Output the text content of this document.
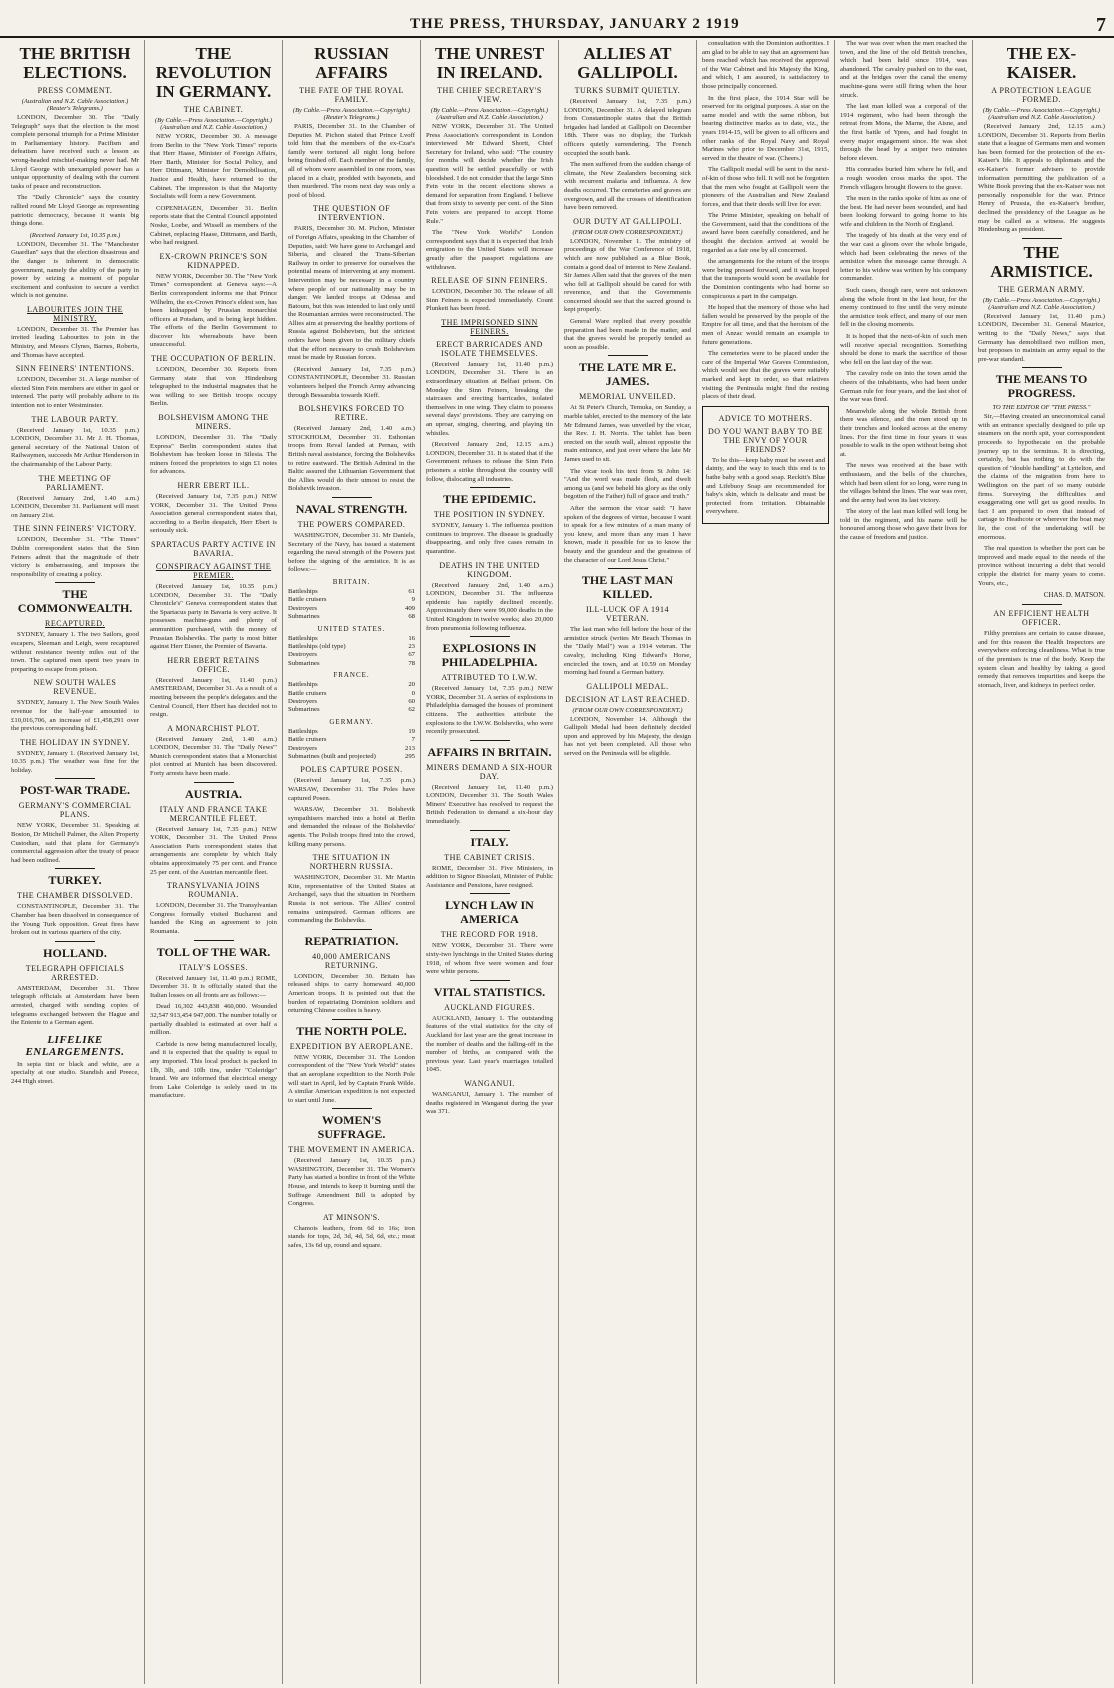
THE PRESS, THURSDAY, JANUARY 2 1919	7
THE BRITISH ELECTIONS.
PRESS COMMENT.
(Australian and N.Z. Cable Association.) (Reuter's Telegrams.)

LONDON, December 30. The "Daily Telegraph" says that the election is the most complete personal triumph for a Prime Minister in Parliamentary history. Pacifism and defeatism have received such a lesson as wrong-headed mischief-making never had. Mr Lloyd George with unexampled power has a unique opportunity of dealing with the current tasks of peace and reconstruction.

The "Daily Chronicle" says the country rallied round Mr Lloyd George as representing patriotic democracy, because it wants big things done.

(Received January 1st, 10.35 p.m.)

LONDON, December 31. The "Manchester Guardian" says that the election disastrous and the danger is inherent in democratic government, namely the ability of the party in power by seizing a moment of popular excitement and confusion to secure a verdict which is not genuine.

LABOURITES JOIN THE MINISTRY.

LONDON, December 31. The Premier has invited leading Labourites to join in the Ministry, and Messrs Clynes, Barnes, Roberts, and Thomas have accepted.

SINN FEINERS' INTENTIONS.

LONDON, December 31. A large number of elected Sinn Fein members are either in gaol or interned. The party will probably adhere to its intention not to enter Westminster.

THE LABOUR PARTY.

(Received January 1st, 10.35 p.m.) LONDON, December 31. Mr J. H. Thomas, general secretary of the National Union of Railwaymen, succeeds Mr Arthur Henderson in the chairmanship of the Labour Party.

THE MEETING OF PARLIAMENT.

(Received January 2nd, 1.40 a.m.) LONDON, December 31. Parliament will meet on January 21st.

THE SINN FEINERS' VICTORY.

LONDON, December 31. "The Times" Dublin correspondent states that the Sinn Feiners admit that the magnitude of their victory is embarrassing, and imposes the responsibility of creating a policy.

THE COMMONWEALTH.
RECAPTURED.

SYDNEY, January 1. The two Sailors, good escapers, Sleeman and Leigh, were recaptured without resistance twenty miles out of the town. The captured men spent two years in preparing to escape from prison.

NEW SOUTH WALES REVENUE.

SYDNEY, January 1. The New South Wales revenue for the half-year amounted to £10,016,706, an increase of £1,458,291 over the previous corresponding half.

THE HOLIDAY IN SYDNEY.

SYDNEY, January 1. (Received January 1st, 10.35 p.m.) The weather was fine for the holiday.

POST-WAR TRADE.
GERMANY'S COMMERCIAL PLANS.

NEW YORK, December 31. Speaking at Boston, Dr Mitchell Palmer, the Alien Property Custodian, said that plans for Germany's commercial aggression after the treaty of peace had been outlined.

TURKEY.
THE CHAMBER DISSOLVED.

CONSTANTINOPLE, December 31. The Chamber has been dissolved in consequence of the Young Turk opposition. Great fires have broken out in various quarters of the city.

HOLLAND.
TELEGRAPH OFFICIALS ARRESTED.

AMSTERDAM, December 31. Three telegraph officials at Amsterdam have been arrested, charged with sending copies of telegrams exchanged between the Hague and the Entente to a German agent.

LIFELIKE ENLARGEMENTS.

In sepia tint or black and white, are a specialty at our studio. Standish and Preece, 244 High street.

THE REVOLUTION IN GERMANY.
THE CABINET.
(By Cable.—Press Association.—Copyright.) (Australian and N.Z. Cable Association.)

NEW YORK, December 30. A message from Berlin to the "New York Times" reports that Herr Haase, Minister of Foreign Affairs, Herr Barth, Minister for Social Policy, and Herr Dittmann, Minister for Demobilisation, Justice and Health, have returned to the Cabinet. The impression is that the Majority Socialists will form a new Government.

COPENHAGEN, December 31. Berlin reports state that the Central Council appointed Noske, Loebe, and Wissell as members of the Cabinet, replacing Haase, Dittmann, and Barth, who had resigned.

EX-CROWN PRINCE'S SON KIDNAPPED.

NEW YORK, December 30. The "New York Times" correspondent at Geneva says:—A Berlin correspondent informs me that Prince Wilhelm, the ex-Crown Prince's eldest son, has been kidnapped by Prussian monarchist officers at Potsdam, and is being kept hidden. The efforts of the Berlin Government to discover his whereabouts have been unsuccessful.

THE OCCUPATION OF BERLIN.

LONDON, December 30. Reports from Germany state that von Hindenburg telegraphed to the industrial magnates that he was willing to see British troops occupy Berlin.

BOLSHEVISM AMONG THE MINERS.

LONDON, December 31. The "Daily Express" Berlin correspondent states that Bolshevism has broken loose in Silesia. The miners forced the proprietors to sign £1 notes for advances.

HERR EBERT ILL.

(Received January 1st, 7.35 p.m.) NEW YORK, December 31. The United Press Association general correspondent states that, according to a Berlin despatch, Herr Ebert is seriously sick.

SPARTACUS PARTY ACTIVE IN BAVARIA.
CONSPIRACY AGAINST THE PREMIER.

(Received January 1st, 10.35 p.m.) LONDON, December 31. The "Daily Chronicle's" Geneva correspondent states that the Spartacus party in Bavaria is very active. It possesses machine-guns and plenty of ammunition purchased, with the money of Prussian Bolsheviks. The party is most bitter against Herr Eisner, the Premier of Bavaria.

HERR EBERT RETAINS OFFICE.

(Received January 1st, 11.40 p.m.) AMSTERDAM, December 31. As a result of a meeting between the people's delegates and the Central Council, Herr Ebert has decided not to resign.

A MONARCHIST PLOT.

(Received January 2nd, 1.40 a.m.) LONDON, December 31. The "Daily News'" Munich correspondent states that a Monarchist plot centred at Munich has been discovered. Forty arrests have been made.

AUSTRIA.
ITALY AND FRANCE TAKE MERCANTILE FLEET.

(Received January 1st, 7.35 p.m.) NEW YORK, December 31. The United Press Association Paris correspondent states that arrangements are complete by which Italy obtains approximately 75 per cent. and France 25 per cent. of the Austrian mercantile fleet.

TRANSYLVANIA JOINS ROUMANIA.

LONDON, December 31. The Transylvanian Congress formally visited Bucharest and handed the King an agreement to join Roumania.

TOLL OF THE WAR.
ITALY'S LOSSES.

(Received January 1st, 11.40 p.m.) ROME, December 31. It is officially stated that the Italian losses on all fronts are as follows:—

Dead 16,302 443,838 460,000. Wounded 32,547 913,454 947,000. The number totally or partially disabled is estimated at over half a million.

Carbide is now being manufactured locally, and it is expected that the quality is equal to any imported. This local product is packed in 1lb, 3lb, and 10lb tins, under "Coleridge" brand. We are informed that electrical energy from Lake Coleridge is solely used in its manufacture.

RUSSIAN AFFAIRS
THE FATE OF THE ROYAL FAMILY.
(By Cable.—Press Association.—Copyright.) (Reuter's Telegrams.)

PARIS, December 31. In the Chamber of Deputies M. Pichon stated that Prince Lvoff told him that the members of the ex-Czar's family were tortured all night long before being finished off. Each member of the family, all of whom were assembled in one room, was placed in a chair, prodded with bayonets, and then murdered. The room next day was only a pool of blood.

THE QUESTION OF INTERVENTION.

PARIS, December 30. M. Pichon, Minister of Foreign Affairs, speaking in the Chamber of Deputies, said: We have gone to Archangel and Siberia, and cleared the Trans-Siberian Railway in order to preserve for ourselves the potential means of intervening at any moment. Intervention may be necessary in a country where people of our nationality may be in danger. We landed troops at Odessa and Batoum, but this was intended to last only until the Roumanian armies were reconstructed. The Allies aim at preserving the healthy portions of Russia against Bolshevism, but the strictest orders have been given to the military chiefs that the effort necessary to crush Bolshevism must be made by Russian forces.

(Received January 1st, 7.35 p.m.) CONSTANTINOPLE, December 31. Russian volunteers helped the French Army advancing through Bessarabia towards Kieff.

BOLSHEVIKS FORCED TO RETIRE.

(Received January 2nd, 1.40 a.m.) STOCKHOLM, December 31. Esthonian troops from Reval landed at Pernau, with British naval assistance, forcing the Bolsheviks to retire eastward. The British Admiral in the Baltic assured the Lithuanian Government that the Allies would do their utmost to resist the Bolshevik invasion.

NAVAL STRENGTH.
THE POWERS COMPARED.

WASHINGTON, December 31. Mr Daniels, Secretary of the Navy, has issued a statement regarding the naval strength of the Powers just before the signing of the armistice. It is as follows:—

BRITAIN.
Battleships	61
Battle cruisers	9
Destroyers	409
Submarines	68
UNITED STATES.
Battleships	16
Battleships (old type)	23
Destroyers	67
Submarines	78
FRANCE.
Battleships	20
Battle cruisers	0
Destroyers	60
Submarines	62
GERMANY.
Battleships	19
Battle cruisers	7
Destroyers	213
Submarines (built and projected)	295
POLES CAPTURE POSEN.

(Received January 1st, 7.35 p.m.) WARSAW, December 31. The Poles have captured Posen.

WARSAW, December 31. Bolshevik sympathisers marched into a hotel at Berlin and demanded the release of the Bolsheviks' agents. The Polish troops fired into the crowd, killing many persons.

THE SITUATION IN NORTHERN RUSSIA.

WASHINGTON, December 31. Mr Martin Kite, representative of the United States at Archangel, says that the situation in Northern Russia is not serious. The Allies' control remains unimpaired. German officers are commanding the Bolsheviks.

REPATRIATION.
40,000 AMERICANS RETURNING.

LONDON, December 30. Britain has released ships to carry homeward 40,000 American troops. It is pointed out that the burden of repatriating Dominion soldiers and returning Chinese coolies is heavy.

THE NORTH POLE.
EXPEDITION BY AEROPLANE.

NEW YORK, December 31. The London correspondent of the "New York World" states that an aeroplane expedition to the North Pole will start in April, led by Captain Frank Wilde. A similar American expedition is not expected to start until June.

WOMEN'S SUFFRAGE.
THE MOVEMENT IN AMERICA.

(Received January 1st, 10.35 p.m.) WASHINGTON, December 31. The Women's Party has started a bonfire in front of the White House, and intends to keep it burning until the Suffrage Amendment Bill is adopted by Congress.

AT MINSON'S.

Chamois leathers, from 6d to 16s; iron stands for tops, 2d, 3d, 4d, 5d, 6d, etc.; meat safes, 13s 6d up, round and square.

THE UNREST IN IRELAND.
THE CHIEF SECRETARY'S VIEW.
(By Cable.—Press Association.—Copyright.) (Australian and N.Z. Cable Association.)

NEW YORK, December 31. The United Press Association's correspondent in London interviewed Mr Edward Shortt, Chief Secretary for Ireland, who said: "The country for months will decide whether the Irish question will be settled peacefully or with bloodshed. I do not consider that the large Sinn Fein vote in the recent elections shows a demand for separation from England. I believe that from sixty to seventy per cent. of the Sinn Fein voters are prepared to accept Home Rule."

The "New York World's" London correspondent says that it is expected that Irish emigration to the United States will increase greatly after the passport regulations are withdrawn.

RELEASE OF SINN FEINERS.

LONDON, December 30. The release of all Sinn Feiners is expected immediately. Count Plunkett has been freed.

THE IMPRISONED SINN FEINERS.
ERECT BARRICADES AND ISOLATE THEMSELVES.

(Received January 1st, 11.40 p.m.) LONDON, December 31. There is an extraordinary situation at Belfast prison. On Monday the Sinn Feiners, breaking the staircases and erecting barricades, isolated themselves in one wing. They claim to possess several days' provisions. They are carrying on an uproar, singing, cheering, and playing tin whistles.

(Received January 2nd, 12.15 a.m.) LONDON, December 31. It is stated that if the Government refuses to release the Sinn Fein prisoners a strike throughout the country will follow, dislocating all industries.

THE EPIDEMIC.
THE POSITION IN SYDNEY.

SYDNEY, January 1. The influenza position continues to improve. The disease is gradually disappearing, and only five cases remain in quarantine.

DEATHS IN THE UNITED KINGDOM.

(Received January 2nd, 1.40 a.m.) LONDON, December 31. The influenza epidemic has rapidly declined recently. Approximately there were 99,000 deaths in the United Kingdom in twelve weeks; also 20,000 from pneumonia following influenza.

EXPLOSIONS IN PHILADELPHIA.
ATTRIBUTED TO I.W.W.

(Received January 1st, 7.35 p.m.) NEW YORK, December 31. A series of explosions in Philadelphia damaged the houses of prominent citizens. The authorities attribute the explosions to the I.W.W. Bolsheviks, who were recently prosecuted.

AFFAIRS IN BRITAIN.
MINERS DEMAND A SIX-HOUR DAY.

(Received January 1st, 11.40 p.m.) LONDON, December 31. The South Wales Miners' Executive has resolved to request the British Federation to demand a six-hour day immediately.

ITALY.
THE CABINET CRISIS.

ROME, December 31. Five Ministers, in addition to Signor Bissolati, Minister of Public Assistance and Pensions, have resigned.

LYNCH LAW IN AMERICA
THE RECORD FOR 1918.

NEW YORK, December 31. There were sixty-two lynchings in the United States during 1918, of whom five were women and four were white persons.

VITAL STATISTICS.
AUCKLAND FIGURES.

AUCKLAND, January 1. The outstanding features of the vital statistics for the city of Auckland for last year are the great increase in the number of deaths and the falling-off in the number of births, as compared with the previous year. Last year's marriages totalled 1045.

WANGANUI.

WANGANUI, January 1. The number of deaths registered in Wanganui during the year was 371.

ALLIES AT GALLIPOLI.
TURKS SUBMIT QUIETLY.

(Received January 1st, 7.35 p.m.) LONDON, December 31. A delayed telegram from Constantinople states that the British brigades had landed at Gallipoli on December 18th. There was no display, the Turkish officers quietly surrendering. The French occupied the south bank.

The men suffered from the sudden change of climate, the New Zealanders becoming sick with recurrent malaria and influenza. A few deaths occurred. The cemeteries and graves are overgrown, and all the crosses of identification have been removed.

OUR DUTY AT GALLIPOLI.
(FROM OUR OWN CORRESPONDENT.)

LONDON, November 1. The ministry of proceedings of the War Conference of 1918, which are now published as a Blue Book, contain a good deal of interest to New Zealand. Sir James Allen said that the graves of the men who fell at Gallipoli should be cared for with reverence, and that the Governments concerned should see that the sacred ground is kept properly.

General Ware replied that every possible preparation had been made in the matter, and that the graves would be properly tended as soon as possible.

THE LATE MR E. JAMES.
MEMORIAL UNVEILED.

At St Peter's Church, Temuka, on Sunday, a marble tablet, erected to the memory of the late Mr Edmund James, was unveiled by the vicar, the Rev. J. H. Norris. The tablet has been erected on the south wall, almost opposite the main entrance, and just over where the late Mr James used to sit.

The vicar took his text from St John 14: "And the word was made flesh, and dwelt among us (and we beheld his glory as the only begotten of the Father) full of grace and truth."

After the sermon the vicar said: "I have spoken of the degrees of virtue, because I want to speak for a few minutes of a man many of you knew, and more than any man I have known, made it possible for us to know the beauty and the grandeur and the greatness of the character of our Lord Jesus Christ."

THE LAST MAN KILLED.
ILL-LUCK OF A 1914 VETERAN.

The last man who fell before the hour of the armistice struck (writes Mr Beach Thomas in the "Daily Mail") was a 1914 veteran. The cavalry, including King Edward's Horse, encircled the town, and at 10.59 on Monday morning had found a German battery.

GALLIPOLI MEDAL.
DECISION AT LAST REACHED.
(FROM OUR OWN CORRESPONDENT.)

LONDON, November 14. Although the Gallipoli Medal had been definitely decided upon and approved by his Majesty, the design has not yet been completed. All those who served on the Peninsula will be eligible.

consultation with the Dominion authorities. I am glad to be able to say that an agreement has been reached which has received the approval of the War Cabinet and his Majesty the King, and which, I am assured, is satisfactory to those principally concerned.

In the first place, the 1914 Star will be reserved for its original purposes. A star on the same model and with the same ribbon, but bearing distinctive marks as to date, viz., the years 1914-15, will be given to all officers and other ranks of the Royal Navy and Royal Marines who prior to December 31st, 1915, served in the theatre of war. (Cheers.)

The Gallipoli medal will be sent to the next-of-kin of those who fell. It will not be forgotten that the men who fought at Gallipoli were the pioneers of the Australian and New Zealand forces, and that their deeds will live for ever.

The Prime Minister, speaking on behalf of the Government, said that the conditions of the award have been carefully considered, and he thought the decision arrived at would be regarded as a fair one by all concerned.

the arrangements for the return of the troops were being pressed forward, and it was hoped that the transports would soon be available for the Dominion contingents who had borne so conspicuous a part in the campaign.

He hoped that the memory of those who had fallen would be preserved by the people of the Empire for all time, and that the heroism of the men of Anzac would remain an example to future generations.

The cemeteries were to be placed under the care of the Imperial War Graves Commission, which would see that the graves were suitably marked and kept in order, so that relatives visiting the Peninsula might find the resting places of their dead.

ADVICE TO MOTHERS.
DO YOU WANT BABY TO BE THE ENVY OF YOUR FRIENDS?

To be this—keep baby must be sweet and dainty, and the way to teach this end is to bathe baby with a good soap. Reckitt's Blue and Lifebuoy Soap are recommended for baby's skin, which is delicate and must be protected from irritation. Obtainable everywhere.

The war was over when the men reached the town, and the line of the old British trenches, which had been held since 1914, was abandoned. The cavalry pushed on to the east, and at the bridges over the canal the enemy machine-guns were still firing when the hour struck.

The last man killed was a corporal of the 1914 regiment, who had been through the retreat from Mons, the Marne, the Aisne, and the first battle of Ypres, and had fought in every major engagement since. He was shot through the head by a sniper two minutes before eleven.

His comrades buried him where he fell, and a rough wooden cross marks the spot. The French villagers brought flowers to the grave.

The men in the ranks spoke of him as one of the best. He had never been wounded, and had been looking forward to going home to his wife and children in the North of England.

The tragedy of his death at the very end of the war cast a gloom over the whole brigade, which had been celebrating the news of the armistice when the message came through. A letter to his widow was written by his company commander.

Such cases, though rare, were not unknown along the whole front in the last hour, for the enemy continued to fire until the very minute the armistice took effect, and many of our men fell in the closing moments.

It is hoped that the next-of-kin of such men will receive special recognition. Something should be done to mark the sacrifice of those who fell on the last day of the war.

The cavalry rode on into the town amid the cheers of the inhabitants, who had been under German rule for four years, and the last shot of the war was fired.

Meanwhile along the whole British front there was silence, and the men stood up in their trenches and looked across at the enemy lines. For the first time in four years it was possible to walk in the open without being shot at.

The news was received at the base with enthusiasm, and the bells of the churches, which had been silent for so long, were rung in the villages behind the lines. The war was over, and the army had won its last victory.

The story of the last man killed will long be told in the regiment, and his name will be honoured among those who gave their lives for the cause of freedom and justice.

THE EX-KAISER.
A PROTECTION LEAGUE FORMED.
(By Cable.—Press Association.—Copyright.) (Australian and N.Z. Cable Association.)

(Received January 2nd, 12.15 a.m.) LONDON, December 31. Reports from Berlin state that a league of Germans men and women has been formed for the protection of the ex-Kaiser's life. It appeals to diplomats and the ex-Kaiser's former advisers to provide information permitting the publication of a White Book proving that the ex-Kaiser was not personally responsible for the war. Prince Henry of Prussia, the ex-Kaiser's brother, declined the presidency of the League as he may be called as a witness. He suggests Hindenburg as president.

THE ARMISTICE.
THE GERMAN ARMY.
(By Cable.—Press Association.—Copyright.) (Australian and N.Z. Cable Association.)

(Received January 1st, 11.40 p.m.) LONDON, December 31. General Maurice, writing to the "Daily News," says that Germany has demobilised two million men, but proposes to maintain an army equal to the pre-war standard.

THE MEANS TO PROGRESS.
TO THE EDITOR OF "THE PRESS."

Sir,—Having created an uneconomical canal with an entrance specially designed to pile up steamers on the north spit, your correspondent proceeds to hypothecate on the probable journey up to the terminus. It is directing, certainly, but has nothing to do with the question of "double handling" at Lyttelton, and the claims of the migration from here to Wellington on the part of so many outside firms. Surveying the difficulties and exaggerating one will get us good results. In fact I am prepared to own that instead of cartage to Heathcote or wherever the boat may lie, the cost of the undertaking will be enormous.

The real question is whether the port can be improved and made equal to the needs of the province without incurring a debt that would cripple the district for many years to come. Yours, etc.,

CHAS. D. MATSON.
AN EFFICIENT HEALTH OFFICER.

Filthy premises are certain to cause disease, and for this reason the Health Inspectors are everywhere enforcing cleanliness. What is true of the premises is true of the body. Keep the system clean and healthy by taking a good remedy that removes impurities and keeps the stomach, liver, and kidneys in perfect order.
